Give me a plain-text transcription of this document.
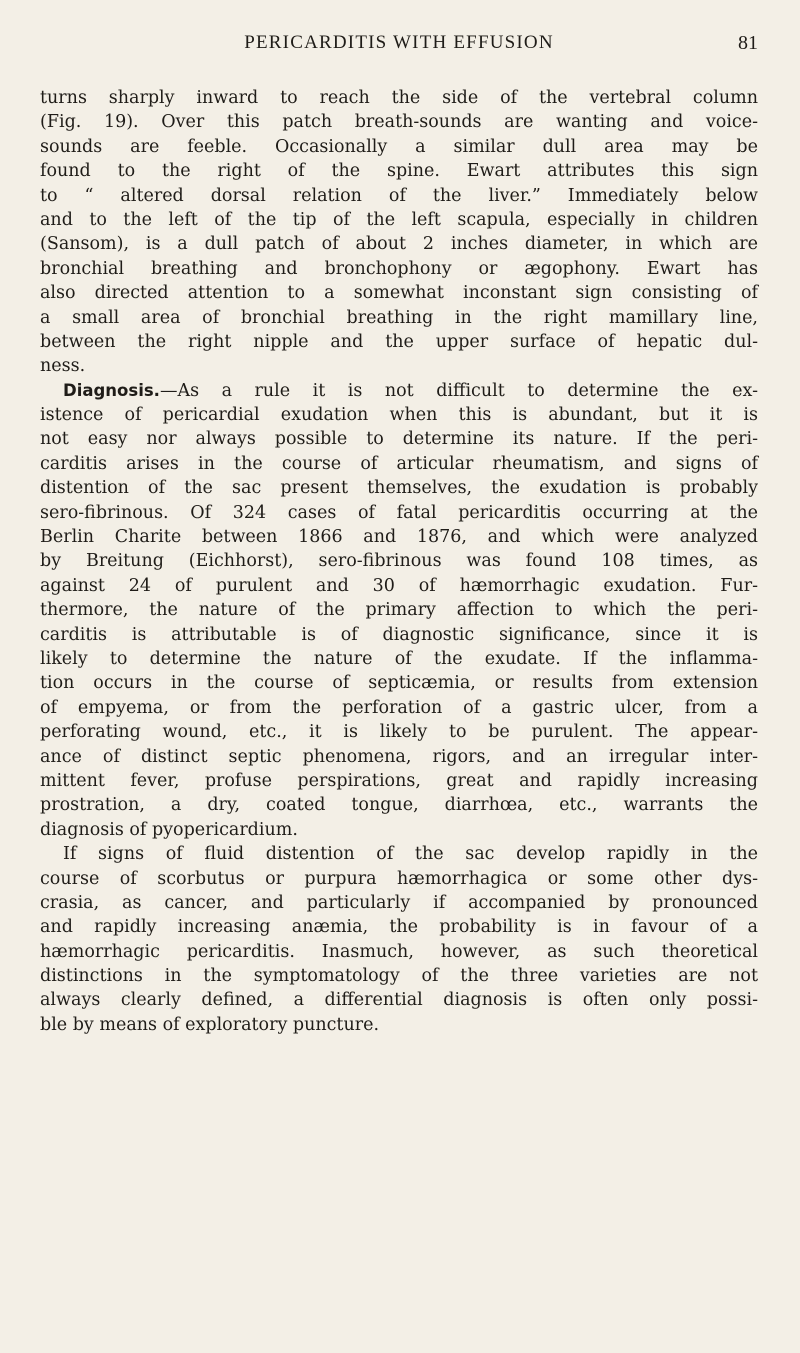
PERICARDITIS WITH EFFUSION	81
turns sharply inward to reach the side of the vertebral column
(Fig. 19). Over this patch breath-sounds are wanting and voice-
sounds are feeble. Occasionally a similar dull area may be
found to the right of the spine. Ewart attributes this sign
to “ altered dorsal relation of the liver.” Immediately below
and to the left of the tip of the left scapula, especially in children
(Sansom), is a dull patch of about 2 inches diameter, in which are
bronchial breathing and bronchophony or ægophony. Ewart has
also directed attention to a somewhat inconstant sign consisting of
a small area of bronchial breathing in the right mamillary line,
between the right nipple and the upper surface of hepatic dul-
ness.
Diagnosis.—As a rule it is not difficult to determine the ex-
istence of pericardial exudation when this is abundant, but it is
not easy nor always possible to determine its nature. If the peri-
carditis arises in the course of articular rheumatism, and signs of
distention of the sac present themselves, the exudation is probably
sero-fibrinous. Of 324 cases of fatal pericarditis occurring at the
Berlin Charite between 1866 and 1876, and which were analyzed
by Breitung (Eichhorst), sero-fibrinous was found 108 times, as
against 24 of purulent and 30 of hæmorrhagic exudation. Fur-
thermore, the nature of the primary affection to which the peri-
carditis is attributable is of diagnostic significance, since it is
likely to determine the nature of the exudate. If the inflamma-
tion occurs in the course of septicæmia, or results from extension
of empyema, or from the perforation of a gastric ulcer, from a
perforating wound, etc., it is likely to be purulent. The appear-
ance of distinct septic phenomena, rigors, and an irregular inter-
mittent fever, profuse perspirations, great and rapidly increasing
prostration, a dry, coated tongue, diarrhœa, etc., warrants the
diagnosis of pyopericardium.
If signs of fluid distention of the sac develop rapidly in the
course of scorbutus or purpura hæmorrhagica or some other dys-
crasia, as cancer, and particularly if accompanied by pronounced
and rapidly increasing anæmia, the probability is in favour of a
hæmorrhagic pericarditis. Inasmuch, however, as such theoretical
distinctions in the symptomatology of the three varieties are not
always clearly defined, a differential diagnosis is often only possi-
ble by means of exploratory puncture.
